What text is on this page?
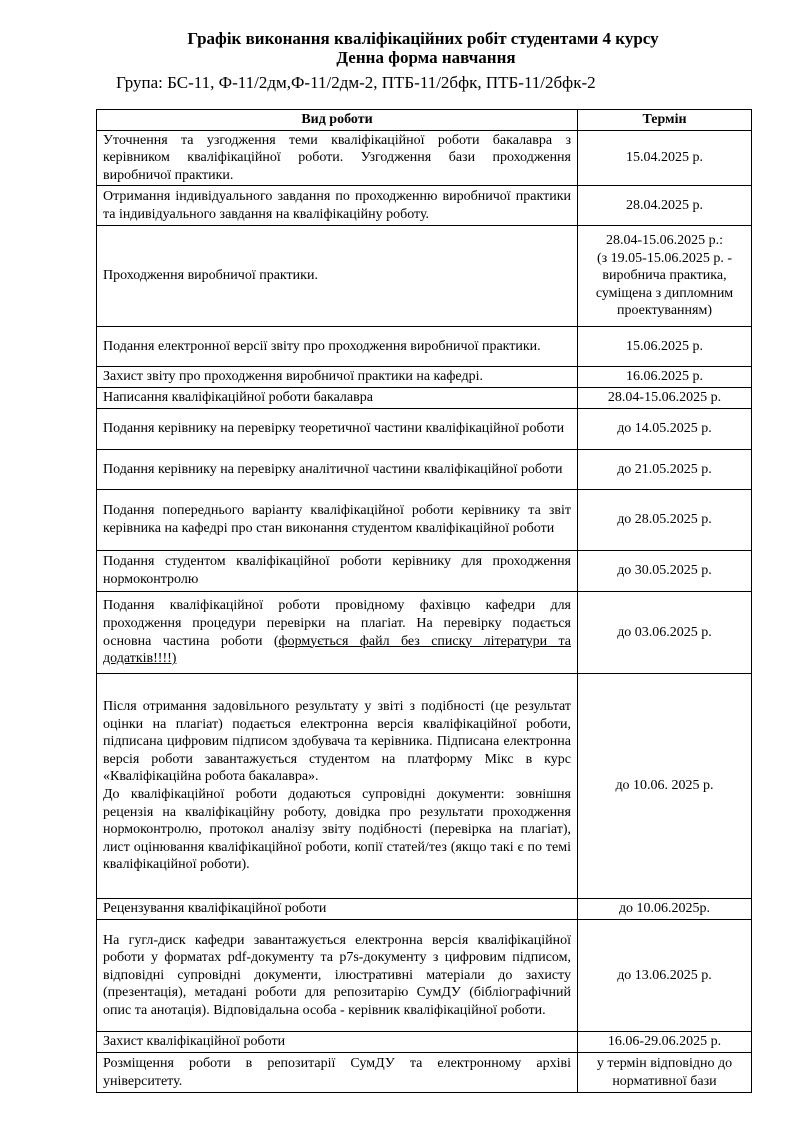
Графік виконання кваліфікаційних робіт студентами 4 курсу
Денна форма навчання
Група: БС-11, Ф-11/2дм,Ф-11/2дм-2, ПТБ-11/2бфк, ПТБ-11/2бфк-2
Вид роботи	Термін
Уточнення та узгодження теми кваліфікаційної роботи бакалавра з керівником кваліфікаційної роботи. Узгодження бази проходження виробничої практики.	15.04.2025 р.
Отримання індивідуального завдання по проходженню виробничої практики та індивідуального завдання на кваліфікаційну роботу.	28.04.2025 р.
Проходження виробничої практики.	28.04-15.06.2025 р.:
(з 19.05-15.06.2025 р. -
виробнича практика,
суміщена з дипломним
проектуванням)

Подання електронної версії звіту про проходження виробничої практики.	15.06.2025 р.
Захист звіту про проходження виробничої практики на кафедрі.	16.06.2025 р.
Написання кваліфікаційної роботи бакалавра	28.04-15.06.2025 р.
Подання керівнику на перевірку теоретичної частини кваліфікаційної роботи	до 14.05.2025 р.
Подання керівнику на перевірку аналітичної частини кваліфікаційної роботи	до 21.05.2025 р.
Подання попереднього варіанту кваліфікаційної роботи керівнику та звіт керівника на кафедрі про стан виконання студентом кваліфікаційної роботи	до 28.05.2025 р.
Подання студентом кваліфікаційної роботи керівнику для проходження нормоконтролю	до 30.05.2025 р.
Подання кваліфікаційної роботи провідному фахівцю кафедри для проходження процедури перевірки на плагіат. На перевірку подається основна частина роботи (формується файл без списку літератури та додатків!!!!)	до 03.06.2025 р.

Після отримання задовільного результату у звіті з подібності (це результат оцінки на плагіат) подається електронна версія кваліфікаційної роботи, підписана цифровим підписом здобувача та керівника. Підписана електронна версія роботи завантажується студентом на платформу Мікс в курс «Кваліфікаційна робота бакалавра».
До кваліфікаційної роботи додаються супровідні документи: зовнішня рецензія на кваліфікаційну роботу, довідка про результати проходження нормоконтролю, протокол аналізу звіту подібності (перевірка на плагіат), лист оцінювання кваліфікаційної роботи, копії статей/тез (якщо такі є по темі кваліфікаційної роботи).	до 10.06. 2025 р.
Рецензування кваліфікаційної роботи	до 10.06.2025р.
На гугл-диск кафедри завантажується електронна версія кваліфікаційної роботи у форматах pdf-документу та p7s-документу з цифровим підписом, відповідні супровідні документи, ілюстративні матеріали до захисту (презентація), метадані роботи для репозитарію СумДУ (бібліографічний опис та анотація). Відповідальна особа - керівник кваліфікаційної роботи.	до 13.06.2025 р.
Захист кваліфікаційної роботи	16.06-29.06.2025 р.
Розміщення роботи в репозитарії СумДУ та електронному архіві університету.	у термін відповідно до
нормативної бази
